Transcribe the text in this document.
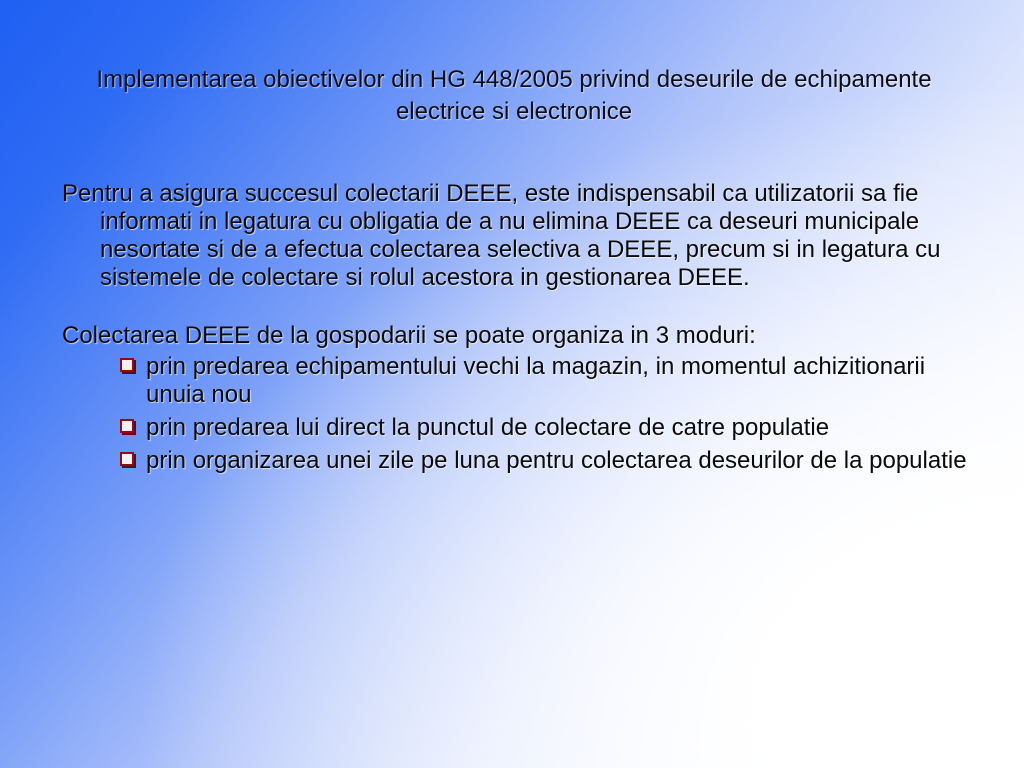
Implementarea obiectivelor din HG 448/2005 privind deseurile de echipamente electrice si electronice

Pentru a asigura succesul colectarii DEEE, este indispensabil ca utilizatorii sa fie informati in legatura cu obligatia de a nu elimina DEEE ca deseuri municipale nesortate si de a efectua colectarea selectiva a DEEE, precum si in legatura cu sistemele de colectare si rolul acestora in gestionarea DEEE.

Colectarea DEEE de la gospodarii se poate organiza in 3 moduri:

prin predarea echipamentului vechi la magazin, in momentul achizitionarii unuia nou
prin predarea lui direct la punctul de colectare de catre populatie
prin organizarea unei zile pe luna pentru colectarea deseurilor de la populatie
